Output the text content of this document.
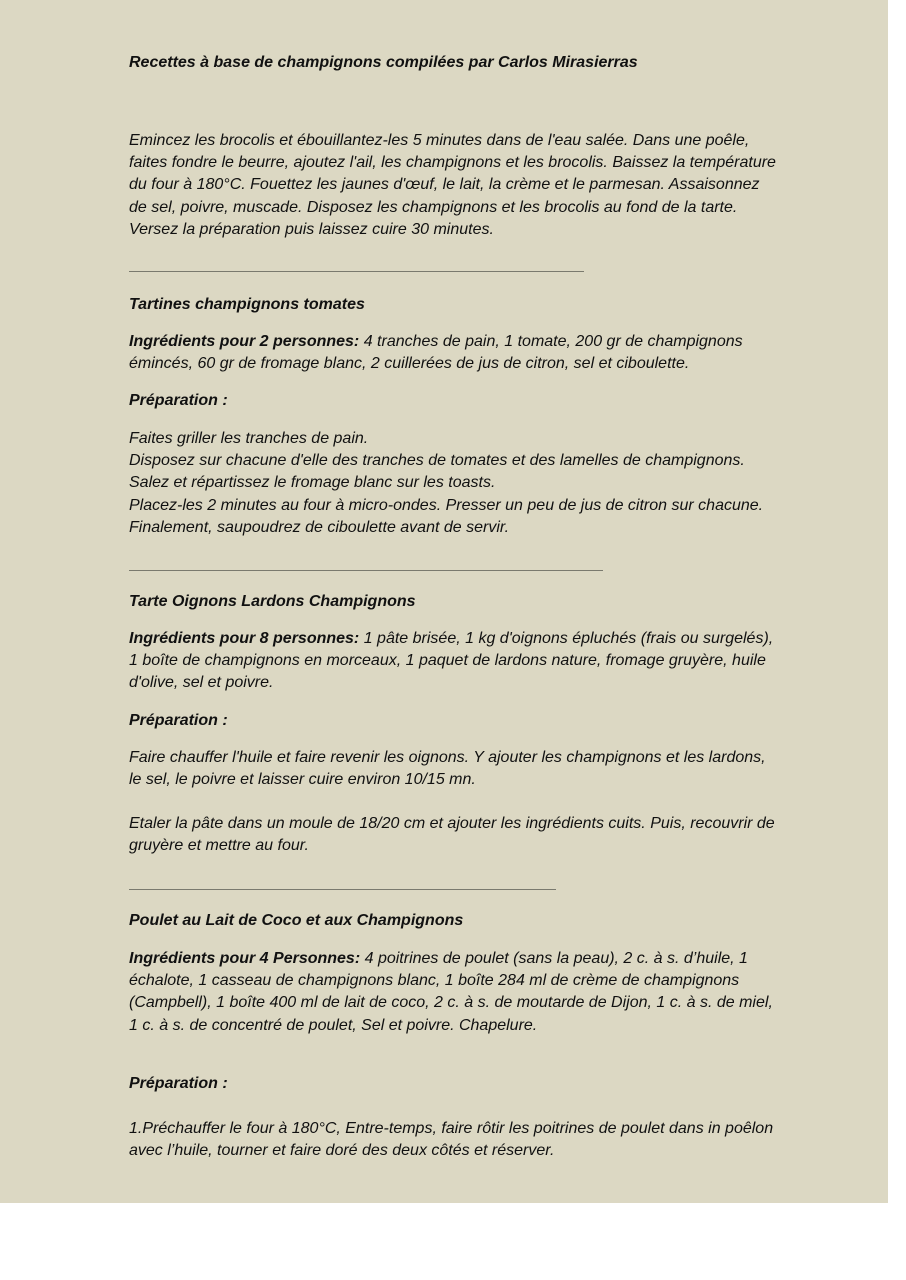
Recettes à base de champignons compilées par Carlos Mirasierras

Emincez les brocolis et ébouillantez-les 5 minutes dans de l'eau salée. Dans une poêle, faites fondre le beurre, ajoutez l'ail, les champignons et les brocolis. Baissez la température du four à 180°C. Fouettez les jaunes d'œuf, le lait, la crème et le parmesan. Assaisonnez de sel, poivre, muscade. Disposez les champignons et les brocolis au fond de la tarte. Versez la préparation puis laissez cuire 30 minutes.

Tartines champignons tomates

Ingrédients pour 2 personnes: 4 tranches de pain, 1 tomate, 200 gr de champignons émincés, 60 gr de fromage blanc, 2 cuillerées de jus de citron, sel et ciboulette.

Préparation :
Faites griller les tranches de pain.
Disposez sur chacune d'elle des tranches de tomates et des lamelles de champignons.
Salez et répartissez le fromage blanc sur les toasts.
Placez-les 2 minutes au four à micro-ondes. Presser un peu de jus de citron sur chacune. Finalement, saupoudrez de ciboulette avant de servir.
Tarte Oignons Lardons Champignons

Ingrédients pour 8 personnes: 1 pâte brisée, 1 kg d'oignons épluchés (frais ou surgelés), 1 boîte de champignons en morceaux, 1 paquet de lardons nature, fromage gruyère, huile d'olive, sel et poivre.

Préparation :

Faire chauffer l'huile et faire revenir les oignons. Y ajouter les champignons et les lardons, le sel, le poivre et laisser cuire environ 10/15 mn.

Etaler la pâte dans un moule de 18/20 cm et ajouter les ingrédients cuits. Puis, recouvrir de gruyère et mettre au four.

Poulet au Lait de Coco et aux Champignons

Ingrédients pour 4 Personnes: 4 poitrines de poulet (sans la peau), 2 c. à s. d’huile, 1 échalote, 1 casseau de champignons blanc, 1 boîte 284 ml de crème de champignons (Campbell), 1 boîte 400 ml de lait de coco, 2 c. à s. de moutarde de Dijon, 1 c. à s. de miel, 1 c. à s. de concentré de poulet, Sel et poivre. Chapelure.

Préparation :

1.Préchauffer le four à 180°C, Entre-temps, faire rôtir les poitrines de poulet dans in poêlon avec l’huile, tourner et faire doré des deux côtés et réserver.
